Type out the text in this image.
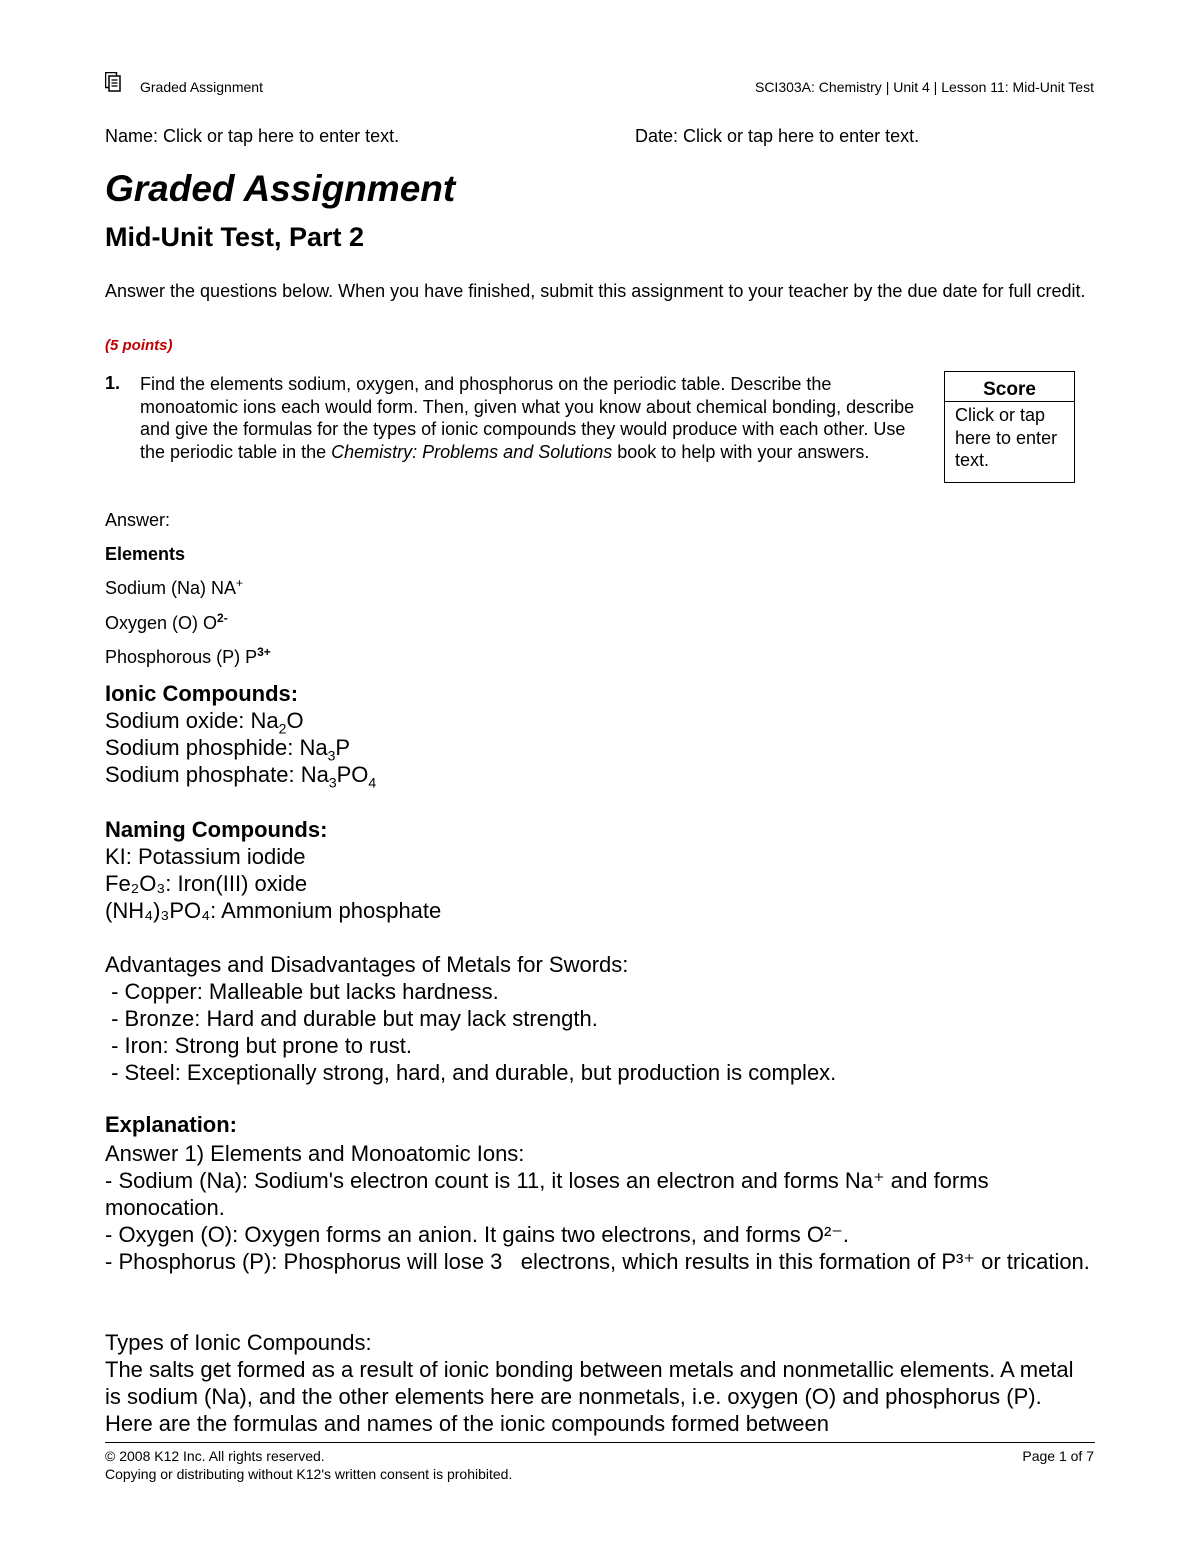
Graded Assignment	SCI303A: Chemistry | Unit 4 | Lesson 11: Mid-Unit Test
Name: Click or tap here to enter text.	Date: Click or tap here to enter text.
Graded Assignment
Mid-Unit Test, Part 2
Answer the questions below. When you have finished, submit this assignment to your teacher by the due date for full credit.
(5 points)
1. Find the elements sodium, oxygen, and phosphorus on the periodic table. Describe the monoatomic ions each would form. Then, given what you know about chemical bonding, describe and give the formulas for the types of ionic compounds they would produce with each other. Use the periodic table in the Chemistry: Problems and Solutions book to help with your answers.
Score
Click or tap here to enter text.
Answer:
Elements
Sodium (Na) NA+
Oxygen (O) $O^{2-}$
Phosphorous (P) $P^{3+}$
Ionic Compounds:
Sodium oxide: $Na_2O$
Sodium phosphide: $Na_3P$
Sodium phosphate: $Na_3PO_4$
Naming Compounds:
KI: Potassium iodide
Fe₂O₃: Iron(III) oxide
(NH₄)₃PO₄: Ammonium phosphate
Advantages and Disadvantages of Metals for Swords:
- Copper: Malleable but lacks hardness.
- Bronze: Hard and durable but may lack strength.
- Iron: Strong but prone to rust.
- Steel: Exceptionally strong, hard, and durable, but production is complex.
Explanation:
Answer 1) Elements and Monoatomic Ions:
- Sodium (Na): Sodium's electron count is 11, it loses an electron and forms Na⁺ and forms monocation.
- Oxygen (O): Oxygen forms an anion. It gains two electrons, and forms O²⁻.
- Phosphorus (P): Phosphorus will lose 3   electrons, which results in this formation of P³⁺ or trication.
Types of Ionic Compounds:
The salts get formed as a result of ionic bonding between metals and nonmetallic elements. A metal is sodium (Na), and the other elements here are nonmetals, i.e. oxygen (O) and phosphorus (P). Here are the formulas and names of the ionic compounds formed between
© 2008 K12 Inc. All rights reserved.
Copying or distributing without K12's written consent is prohibited.
Page 1 of 7
